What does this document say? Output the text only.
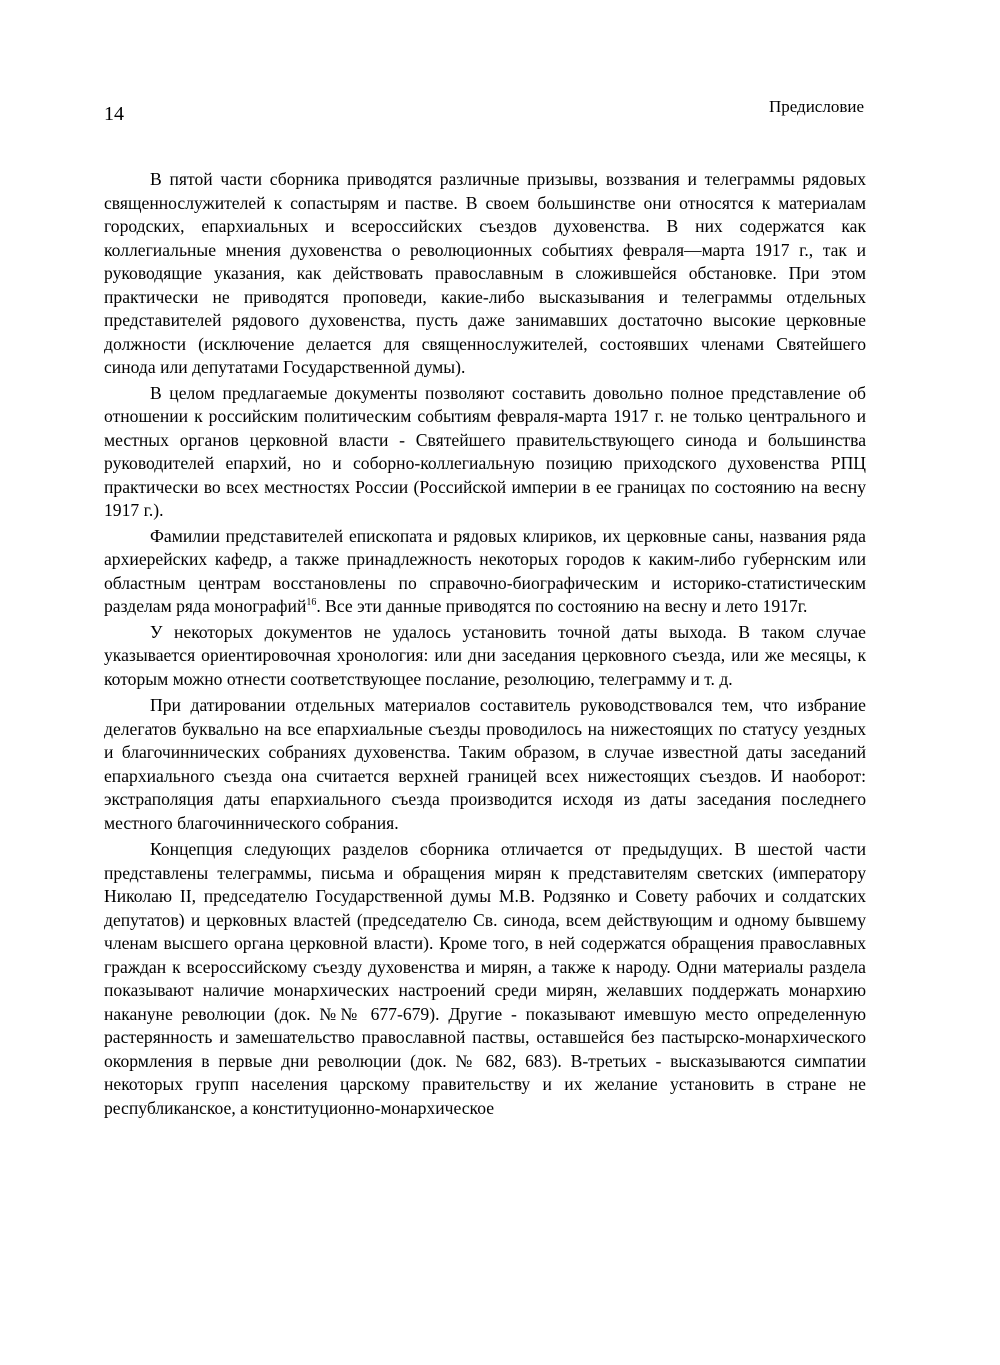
14	Предисловие

В пятой части сборника приводятся различные призывы, воззвания и телеграммы рядовых священнослужителей к сопастырям и пастве. В своем большинстве они относятся к материалам городских, епархиальных и всероссийских съездов духовенства. В них содержатся как коллегиальные мнения духовенства о революционных событиях февраля—марта 1917 г., так и руководящие указания, как действовать православным в сложившейся обстановке. При этом практически не приводятся проповеди, какие-либо высказывания и телеграммы отдельных представителей рядового духовенства, пусть даже занимавших достаточно высокие церковные должности (исключение делается для священнослужителей, состоявших членами Святейшего синода или депутатами Государственной думы).

В целом предлагаемые документы позволяют составить довольно полное представление об отношении к российским политическим событиям февраля-марта 1917 г. не только центрального и местных органов церковной власти - Святейшего правительствующего синода и большинства руководителей епархий, но и соборно-коллегиальную позицию приходского духовенства РПЦ практически во всех местностях России (Российской империи в ее границах по состоянию на весну 1917 г.).

Фамилии представителей епископата и рядовых клириков, их церковные саны, названия ряда архиерейских кафедр, а также принадлежность некоторых городов к каким-либо губернским или областным центрам восстановлены по справочно-биографическим и историко-статистическим разделам ряда монографий$^{16}$. Все эти данные приводятся по состоянию на весну и лето 1917г.

У некоторых документов не удалось установить точной даты выхода. В таком случае указывается ориентировочная хронология: или дни заседания церковного съезда, или же месяцы, к которым можно отнести соответствующее послание, резолюцию, телеграмму и т. д.

При датировании отдельных материалов составитель руководствовался тем, что избрание делегатов буквально на все епархиальные съезды проводилось на нижестоящих по статусу уездных и благочиннических собраниях духовенства. Таким образом, в случае известной даты заседаний епархиального съезда она считается верхней границей всех нижестоящих съездов. И наоборот: экстраполяция даты епархиального съезда производится исходя из даты заседания последнего местного благочиннического собрания.

Концепция следующих разделов сборника отличается от предыдущих. В шестой части представлены телеграммы, письма и обращения мирян к представителям светских (императору Николаю II, председателю Государственной думы М.В. Родзянко и Совету рабочих и солдатских депутатов) и церковных властей (председателю Св. синода, всем действующим и одному бывшему членам высшего органа церковной власти). Кроме того, в ней содержатся обращения православных граждан к всероссийскому съезду духовенства и мирян, а также к народу. Одни материалы раздела показывают наличие монархических настроений среди мирян, желавших поддержать монархию накануне революции (док. №№ 677-679). Другие - показывают имевшую место определенную растерянность и замешательство православной паствы, оставшейся без пастырско-монархического окормления в первые дни революции (док. № 682, 683). В-третьих - высказываются симпатии некоторых групп населения царскому правительству и их желание установить в стране не республиканское, а конституционно-монархическое
